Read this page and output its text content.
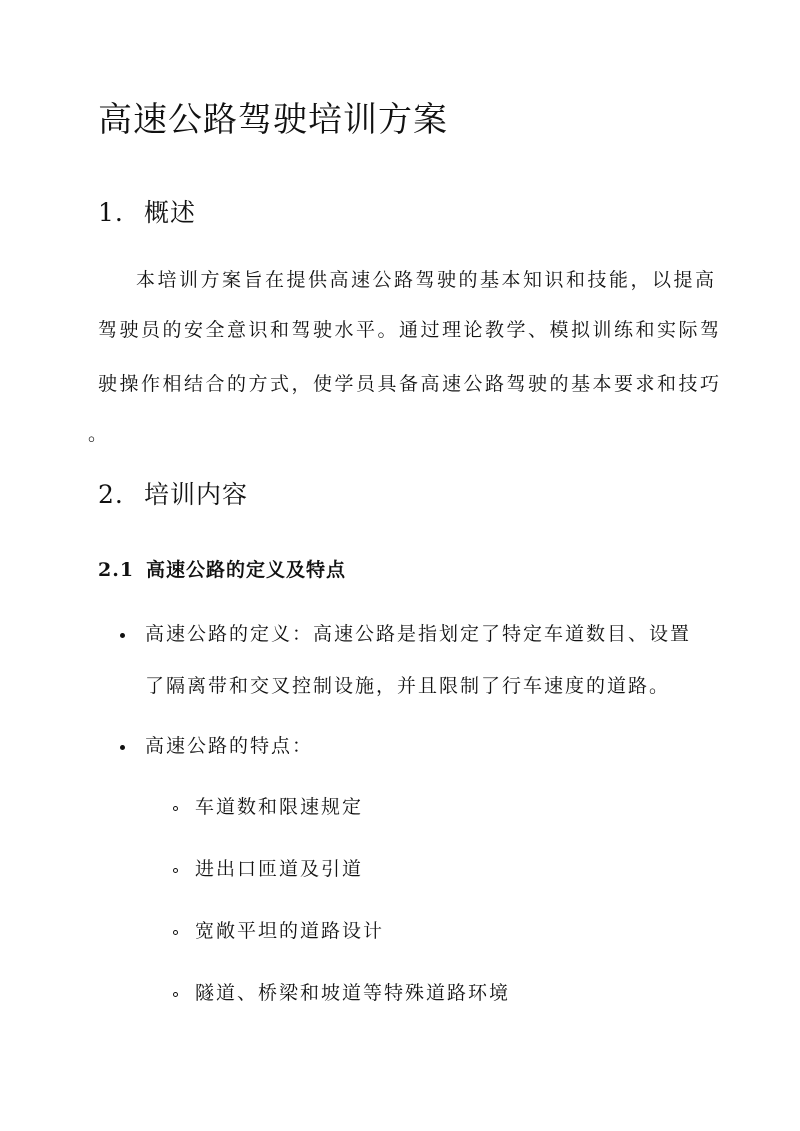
高速公路驾驶培训方案
1. 概述
本培训方案旨在提供高速公路驾驶的基本知识和技能，以提高
驾驶员的安全意识和驾驶水平。通过理论教学、模拟训练和实际驾
驶操作相结合的方式，使学员具备高速公路驾驶的基本要求和技巧
。
2. 培训内容
2.1 高速公路的定义及特点
高速公路的定义：高速公路是指划定了特定车道数目、设置
了隔离带和交叉控制设施，并且限制了行车速度的道路。
高速公路的特点：
车道数和限速规定
进出口匝道及引道
宽敞平坦的道路设计
隧道、桥梁和坡道等特殊道路环境
